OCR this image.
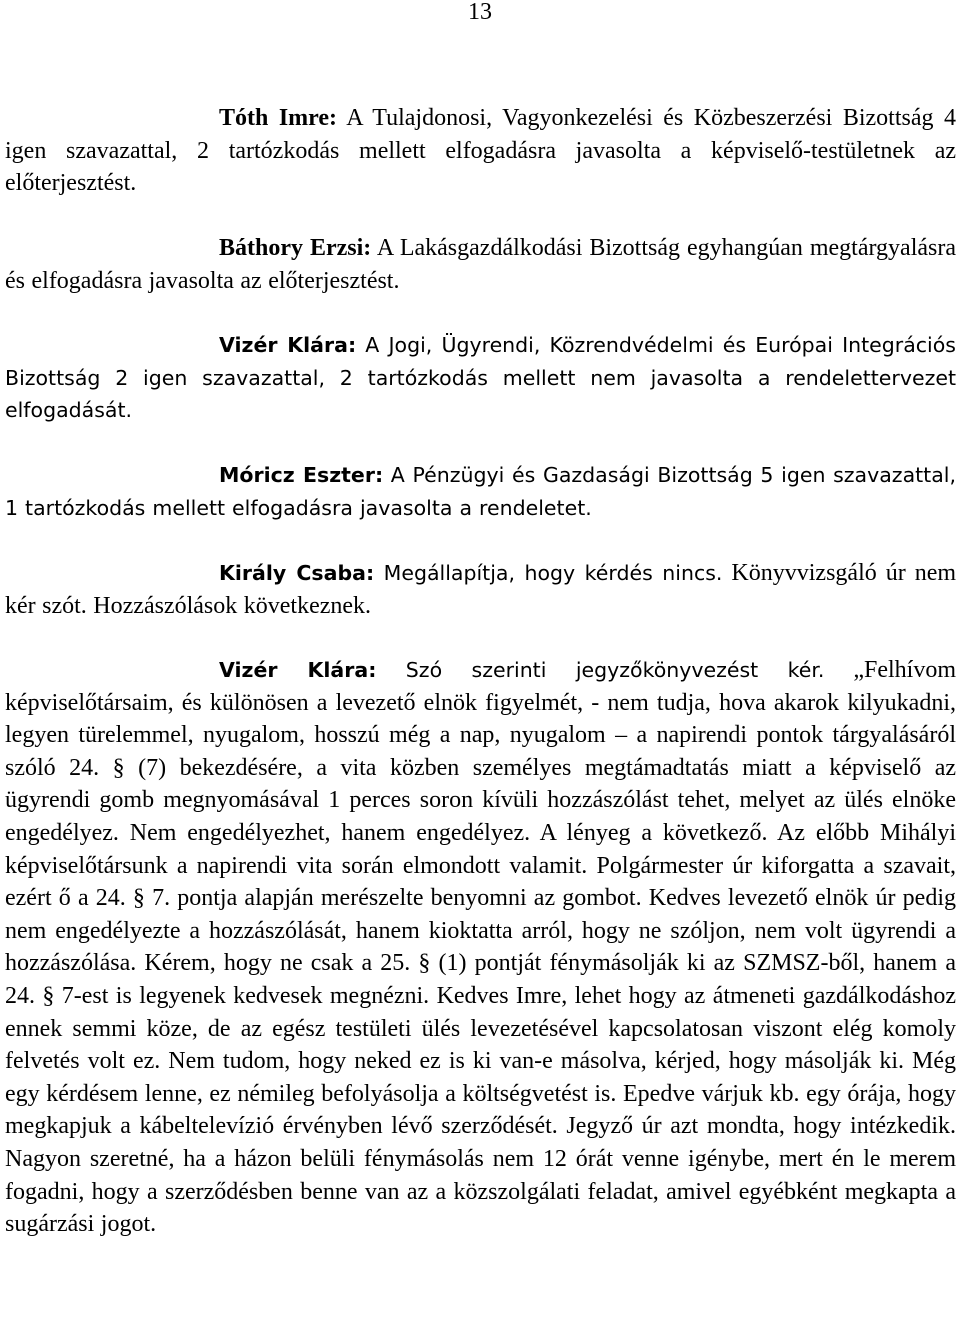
13

Tóth Imre: A Tulajdonosi, Vagyonkezelési és Közbeszerzési Bizottság 4 igen szavazattal, 2 tartózkodás mellett elfogadásra javasolta a képviselő-testületnek az előterjesztést.

Báthory Erzsi: A Lakásgazdálkodási Bizottság egyhangúan megtárgyalásra és elfogadásra javasolta az előterjesztést.

Vizér Klára: A Jogi, Ügyrendi, Közrendvédelmi és Európai Integrációs Bizottság 2 igen szavazattal, 2 tartózkodás mellett nem javasolta a rendelettervezet elfogadását.

Móricz Eszter: A Pénzügyi és Gazdasági Bizottság 5 igen szavazattal, 1 tartózkodás mellett elfogadásra javasolta a rendeletet.

Király Csaba: Megállapítja, hogy kérdés nincs. Könyvvizsgáló úr nem kér szót. Hozzászólások következnek.

Vizér Klára: Szó szerinti jegyzőkönyvezést kér. „Felhívom képviselőtársaim, és különösen a levezető elnök figyelmét, - nem tudja, hova akarok kilyukadni, legyen türelemmel, nyugalom, hosszú még a nap, nyugalom – a napirendi pontok tárgyalásáról szóló 24. § (7) bekezdésére, a vita közben személyes megtámadtatás miatt a képviselő az ügyrendi gomb megnyomásával 1 perces soron kívüli hozzászólást tehet, melyet az ülés elnöke engedélyez. Nem engedélyezhet, hanem engedélyez. A lényeg a következő. Az előbb Mihályi képviselőtársunk a napirendi vita során elmondott valamit. Polgármester úr kiforgatta a szavait, ezért ő a 24. § 7. pontja alapján merészelte benyomni az gombot. Kedves levezető elnök úr pedig nem engedélyezte a hozzászólását, hanem kioktatta arról, hogy ne szóljon, nem volt ügyrendi a hozzászólása. Kérem, hogy ne csak a 25. § (1) pontját fénymásolják ki az SZMSZ-ből, hanem a 24. § 7-est is legyenek kedvesek megnézni. Kedves Imre, lehet hogy az átmeneti gazdálkodáshoz ennek semmi köze, de az egész testületi ülés levezetésével kapcsolatosan viszont elég komoly felvetés volt ez. Nem tudom, hogy neked ez is ki van-e másolva, kérjed, hogy másolják ki. Még egy kérdésem lenne, ez némileg befolyásolja a költségvetést is. Epedve várjuk kb. egy órája, hogy megkapjuk a kábeltelevízió érvényben lévő szerződését. Jegyző úr azt mondta, hogy intézkedik. Nagyon szeretné, ha a házon belüli fénymásolás nem 12 órát venne igénybe, mert én le merem fogadni, hogy a szerződésben benne van az a közszolgálati feladat, amivel egyébként megkapta a sugárzási jogot.
